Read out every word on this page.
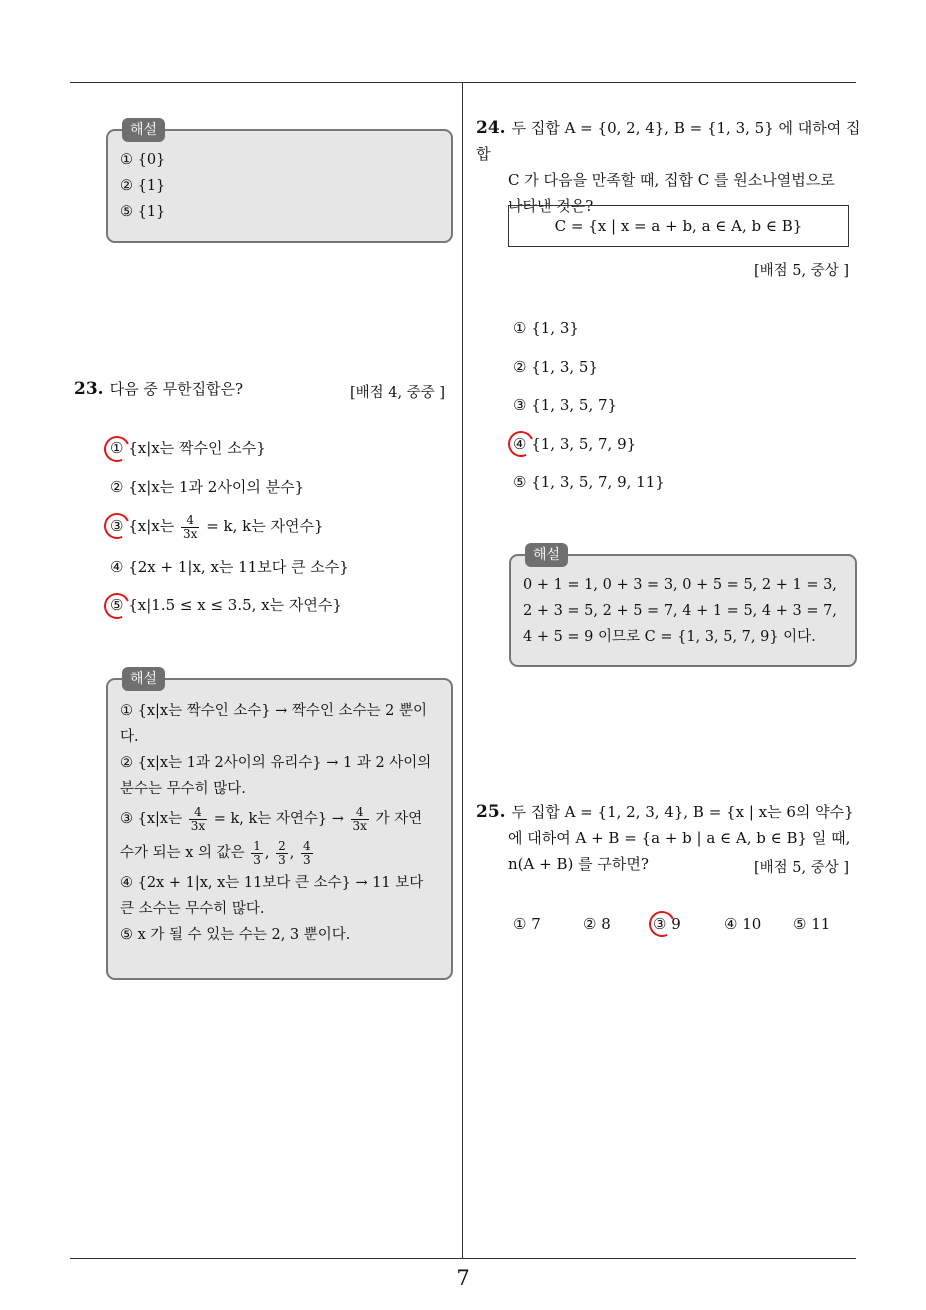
7
해설
① {0}
② {1}
⑤ {1}
23. 다음 중 무한집합은?	[배점 4, 중중 ]
① {x|x는 짝수인 소수}
② {x|x는 1과 2사이의 분수}
③ {x|x는 $\frac{4}{3x} = k$, k는 자연수}
④ {2x + 1|x, x는 11보다 큰 소수}
⑤ {x|1.5 ≤ x ≤ 3.5, x는 자연수}
해설
① {x|x는 짝수인 소수} → 짝수인 소수는 2 뿐이
다.
② {x|x는 1과 2사이의 유리수} → 1 과 2 사이의
분수는 무수히 많다.
③ {x|x는 $\frac{4}{3x} = k$, k는 자연수} → $\frac{4}{3x}$ 가 자연
수가 되는 x 의 값은 $\frac{1}{3}$ , $\frac{2}{3}$ , $\frac{4}{3}$
④ {2x + 1|x, x는 11보다 큰 소수} → 11 보다
큰 소수는 무수히 많다.
⑤ x 가 될 수 있는 수는 2, 3 뿐이다.
24. 두 집합 A = {0, 2, 4}, B = {1, 3, 5} 에 대하여 집합
C 가 다음을 만족할 때, 집합 C 를 원소나열법으로
나타낸 것은?
C = {x | x = a + b, a ∈ A, b ∈ B}
[배점 5, 중상 ]
① {1, 3}
② {1, 3, 5}
③ {1, 3, 5, 7}
④ {1, 3, 5, 7, 9}
⑤ {1, 3, 5, 7, 9, 11}
해설
0 + 1 = 1, 0 + 3 = 3, 0 + 5 = 5, 2 + 1 = 3,
2 + 3 = 5, 2 + 5 = 7, 4 + 1 = 5, 4 + 3 = 7,
4 + 5 = 9 이므로 C = {1, 3, 5, 7, 9} 이다.
25. 두 집합 A = {1, 2, 3, 4}, B = {x | x는 6의 약수}
에 대하여 A + B = {a + b | a ∈ A, b ∈ B} 일 때,
n(A + B) 를 구하면?	[배점 5, 중상 ]
① 7	② 8	③ 9	④ 10 ⑤ 11
